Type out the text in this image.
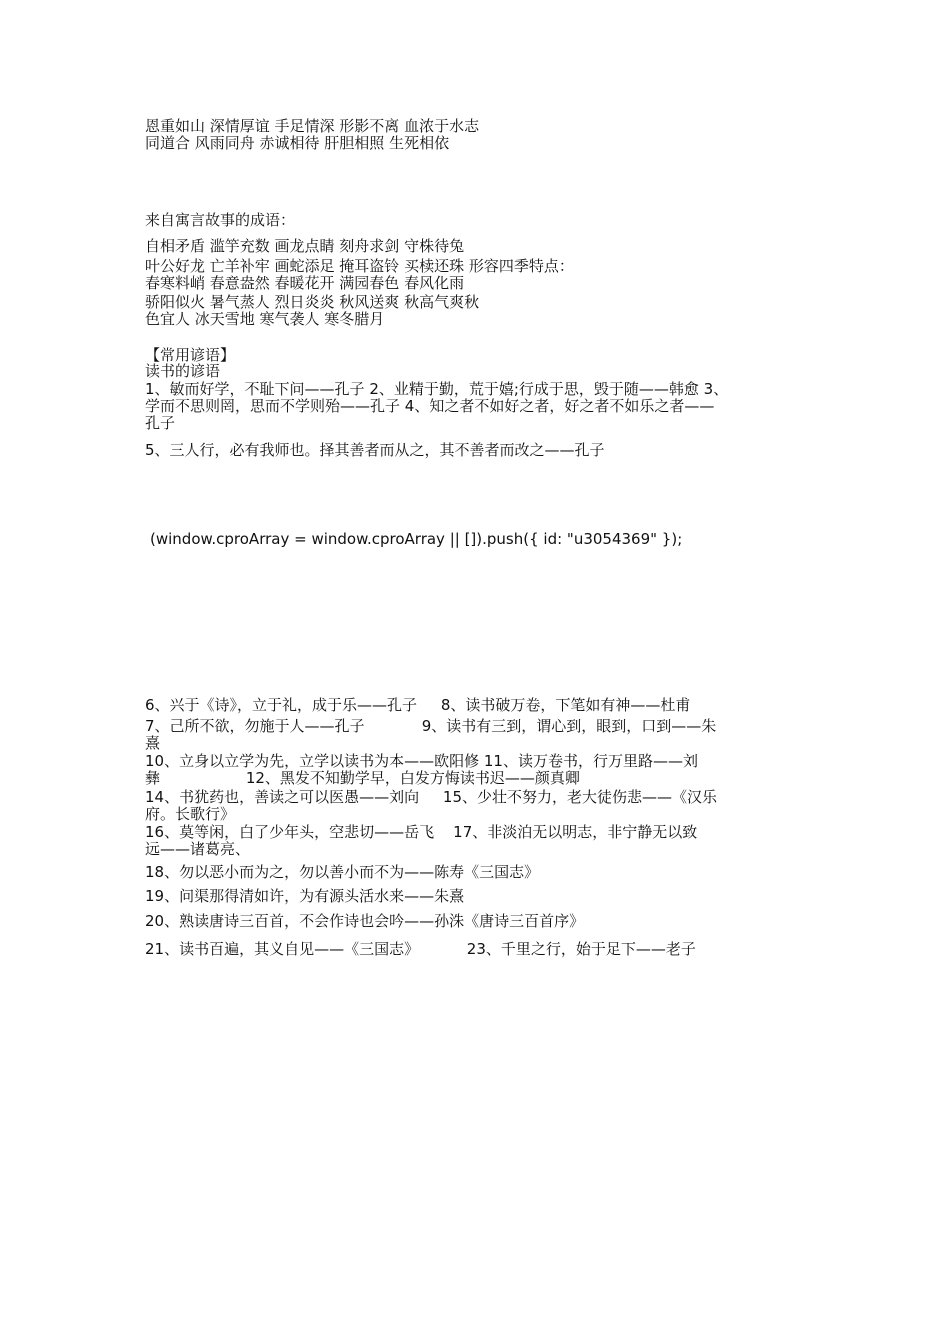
恩重如山 深情厚谊 手足情深 形影不离 血浓于水志
同道合 风雨同舟 赤诚相待 肝胆相照 生死相依
来自寓言故事的成语：
自相矛盾 滥竽充数 画龙点睛 刻舟求剑 守株待兔
叶公好龙 亡羊补牢 画蛇添足 掩耳盗铃 买椟还珠 形容四季特点：
春寒料峭 春意盎然 春暖花开 满园春色 春风化雨
骄阳似火 暑气蒸人 烈日炎炎 秋风送爽 秋高气爽秋
色宜人 冰天雪地 寒气袭人 寒冬腊月
【常用谚语】
读书的谚语
1、敏而好学，不耻下问——孔子 2、业精于勤，荒于嬉;行成于思，毁于随——韩愈 3、
学而不思则罔，思而不学则殆——孔子 4、知之者不如好之者，好之者不如乐之者——
孔子
5、三人行，必有我师也。择其善者而从之，其不善者而改之——孔子
(window.cproArray = window.cproArray || []).push({ id: "u3054369" });
6、兴于《诗》，立于礼，成于乐——孔子     8、读书破万卷，下笔如有神——杜甫
7、己所不欲，勿施于人——孔子            9、读书有三到，谓心到，眼到，口到——朱
熹
10、立身以立学为先，立学以读书为本——欧阳修 11、读万卷书，行万里路——刘
彝                  12、黑发不知勤学早，白发方悔读书迟——颜真卿
14、书犹药也，善读之可以医愚——刘向     15、少壮不努力，老大徒伤悲——《汉乐
府。长歌行》
16、莫等闲，白了少年头，空悲切——岳飞    17、非淡泊无以明志，非宁静无以致
远——诸葛亮、
18、勿以恶小而为之，勿以善小而不为——陈寿《三国志》
19、问渠那得清如许，为有源头活水来——朱熹
20、熟读唐诗三百首，不会作诗也会吟——孙洙《唐诗三百首序》
21、读书百遍，其义自见——《三国志》          23、千里之行，始于足下——老子
